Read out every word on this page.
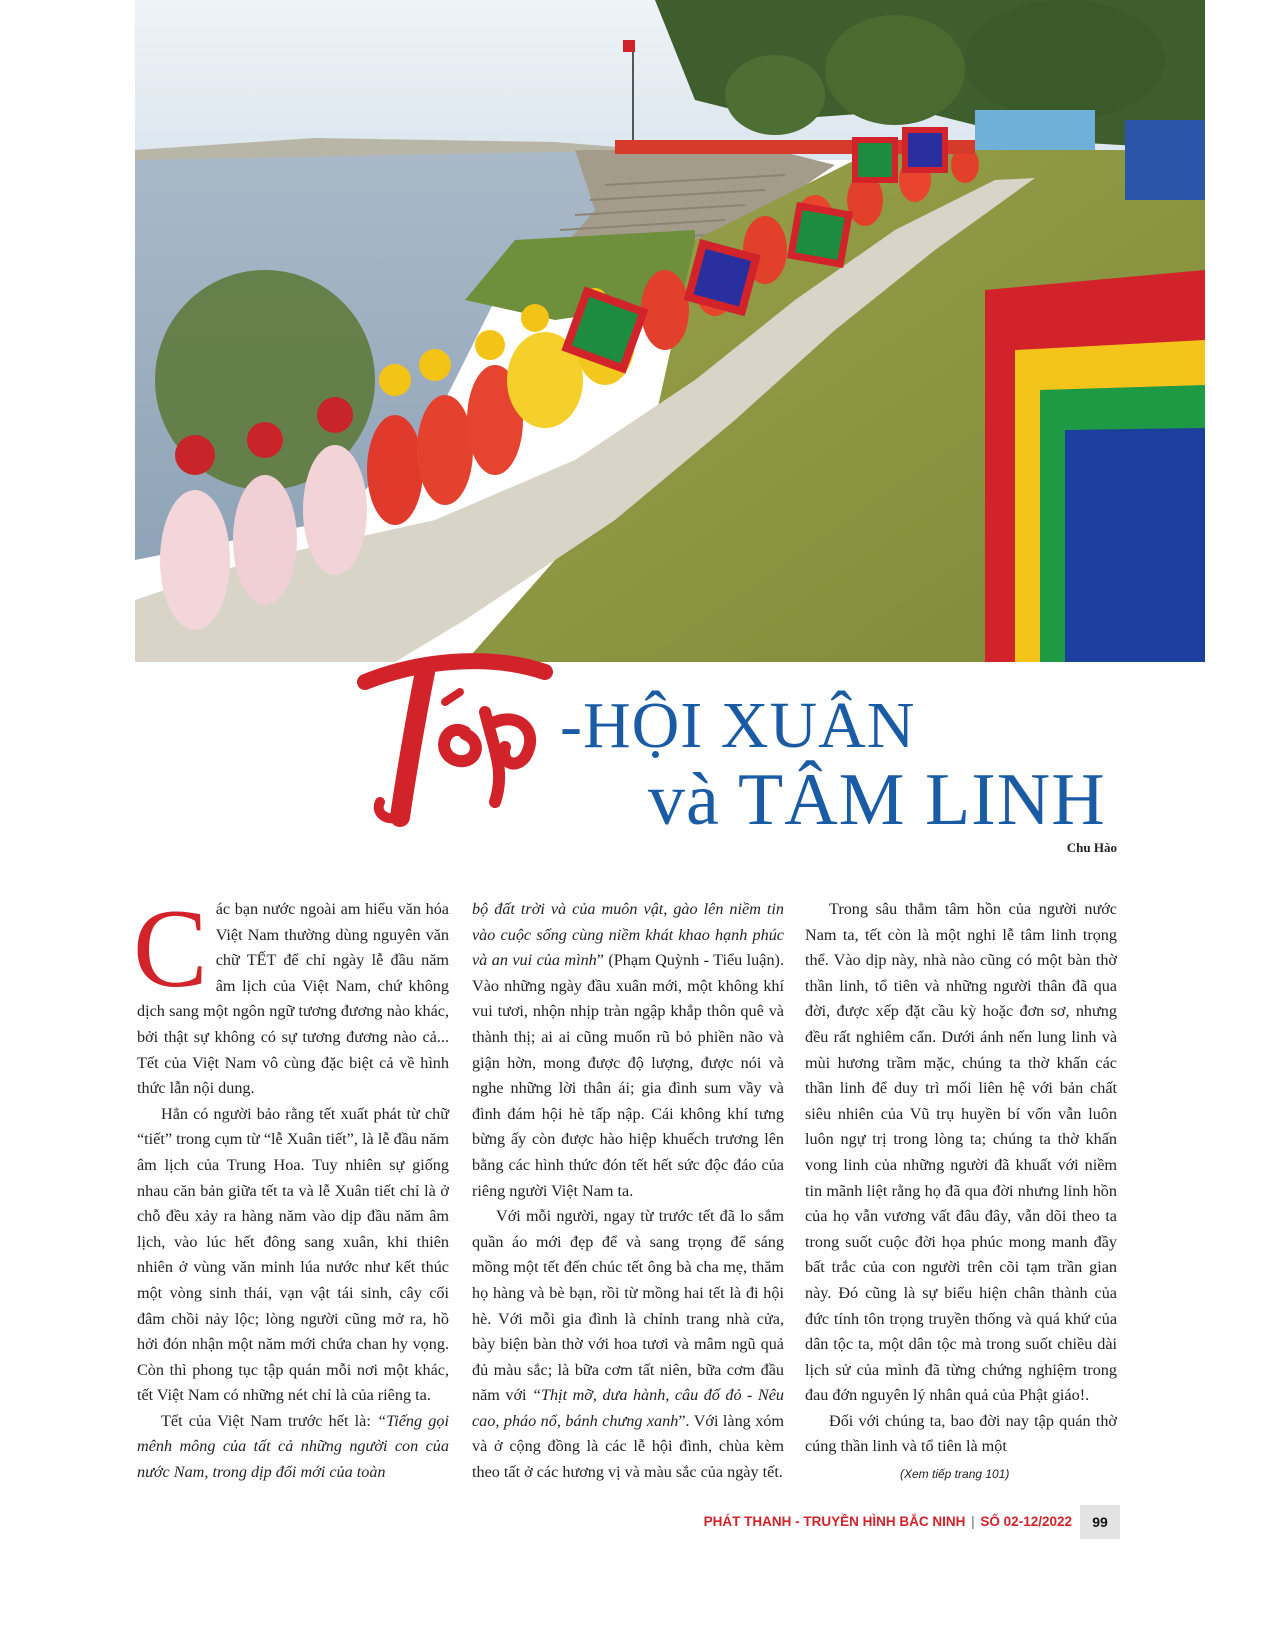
Tết
-HỘI XUÂN
và TÂM LINH
Chu Hào

Các bạn nước ngoài am hiểu văn hóa Việt Nam thường dùng nguyên văn chữ TẾT để chỉ ngày lễ đầu năm âm lịch của Việt Nam, chứ không dịch sang một ngôn ngữ tương đương nào khác, bởi thật sự không có sự tương đương nào cả... Tết của Việt Nam vô cùng đặc biệt cả về hình thức lẫn nội dung.

Hẳn có người bảo rằng tết xuất phát từ chữ “tiết” trong cụm từ “lễ Xuân tiết”, là lễ đầu năm âm lịch của Trung Hoa. Tuy nhiên sự giống nhau căn bản giữa tết ta và lễ Xuân tiết chỉ là ở chỗ đều xảy ra hàng năm vào dịp đầu năm âm lịch, vào lúc hết đông sang xuân, khi thiên nhiên ở vùng văn minh lúa nước như kết thúc một vòng sinh thái, vạn vật tái sinh, cây cối đâm chồi nảy lộc; lòng người cũng mở ra, hồ hởi đón nhận một năm mới chứa chan hy vọng. Còn thì phong tục tập quán mỗi nơi một khác, tết Việt Nam có những nét chỉ là của riêng ta.

Tết của Việt Nam trước hết là: “Tiếng gọi mênh mông của tất cả những người con của nước Nam, trong dịp đổi mới của toàn

bộ đất trời và của muôn vật, gào lên niềm tin vào cuộc sống cùng niềm khát khao hạnh phúc và an vui của mình” (Phạm Quỳnh - Tiểu luận). Vào những ngày đầu xuân mới, một không khí vui tươi, nhộn nhịp tràn ngập khắp thôn quê và thành thị; ai ai cũng muốn rũ bỏ phiền não và giận hờn, mong được độ lượng, được nói và nghe những lời thân ái; gia đình sum vầy và đình đám hội hè tấp nập. Cái không khí tưng bừng ấy còn được hào hiệp khuếch trương lên bằng các hình thức đón tết hết sức độc đáo của riêng người Việt Nam ta.

Với mỗi người, ngay từ trước tết đã lo sắm quần áo mới đẹp để và sang trọng để sáng mồng một tết đến chúc tết ông bà cha mẹ, thăm họ hàng và bè bạn, rồi từ mồng hai tết là đi hội hè. Với mỗi gia đình là chỉnh trang nhà cửa, bày biện bàn thờ với hoa tươi và mâm ngũ quả đủ màu sắc; là bữa cơm tất niên, bữa cơm đầu năm với “Thịt mỡ, dưa hành, câu đố đỏ - Nêu cao, pháo nổ, bánh chưng xanh”. Với làng xóm và ở cộng đồng là các lễ hội đình, chùa kèm theo tất ở các hương vị và màu sắc của ngày tết.

Trong sâu thẳm tâm hồn của người nước Nam ta, tết còn là một nghi lễ tâm linh trọng thể. Vào dịp này, nhà nào cũng có một bàn thờ thần linh, tổ tiên và những người thân đã qua đời, được xếp đặt cầu kỳ hoặc đơn sơ, nhưng đều rất nghiêm cẩn. Dưới ánh nến lung linh và mùi hương trầm mặc, chúng ta thờ khấn các thần linh để duy trì mối liên hệ với bản chất siêu nhiên của Vũ trụ huyền bí vốn vẫn luôn luôn ngự trị trong lòng ta; chúng ta thờ khấn vong linh của những người đã khuất với niềm tin mãnh liệt rằng họ đã qua đời nhưng linh hồn của họ vẫn vương vất đâu đây, vẫn dõi theo ta trong suốt cuộc đời họa phúc mong manh đầy bất trắc của con người trên cõi tạm trần gian này. Đó cũng là sự biểu hiện chân thành của đức tính tôn trọng truyền thống và quá khứ của dân tộc ta, một dân tộc mà trong suốt chiều dài lịch sử của mình đã từng chứng nghiệm trong đau đớn nguyên lý nhân quả của Phật giáo!.

Đối với chúng ta, bao đời nay tập quán thờ cúng thần linh và tổ tiên là một

(Xem tiếp trang 101)
PHÁT THANH - TRUYỀN HÌNH BẮC NINH | SỐ 02-12/2022	99
